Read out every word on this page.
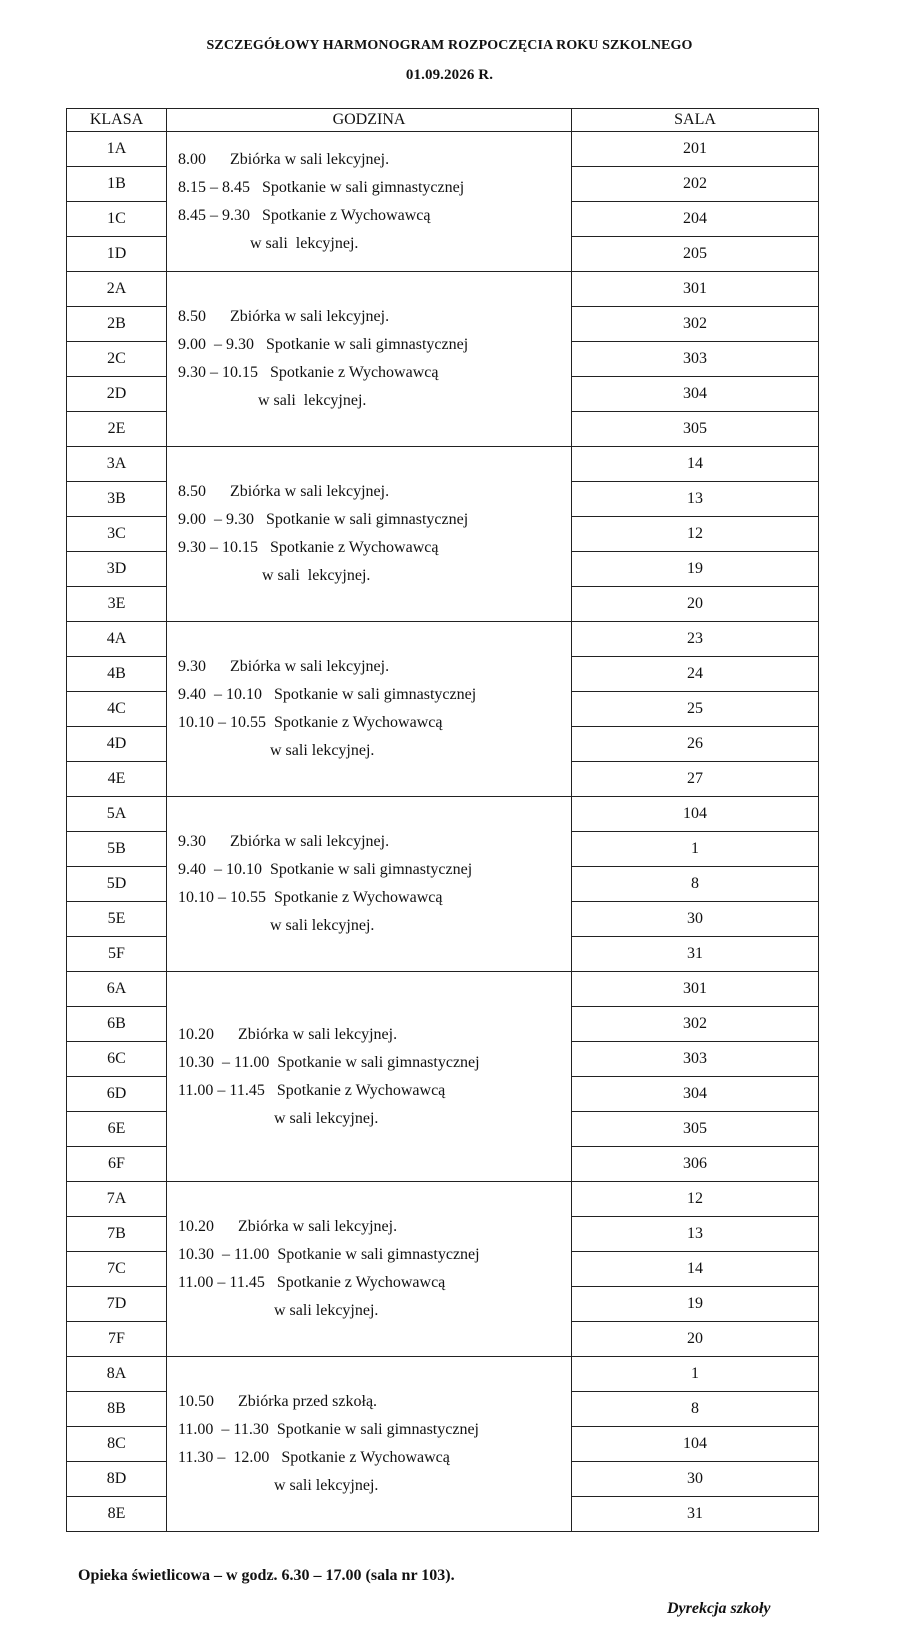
SZCZEGÓŁOWY HARMONOGRAM ROZPOCZĘCIA ROKU SZKOLNEGO
01.09.2026 R.
KLASA	GODZINA	SALA
1A	8.00      Zbiórka w sali lekcyjnej.
8.15 – 8.45   Spotkanie w sali gimnastycznej
8.45 – 9.30   Spotkanie z Wychowawcą
w sali  lekcyjnej.	201
1B		202
1C		204
1D		205
2A	8.50      Zbiórka w sali lekcyjnej.
9.00  – 9.30   Spotkanie w sali gimnastycznej
9.30 – 10.15   Spotkanie z Wychowawcą
w sali  lekcyjnej.	301
2B		302
2C		303
2D		304
2E		305
3A	8.50      Zbiórka w sali lekcyjnej.
9.00  – 9.30   Spotkanie w sali gimnastycznej
9.30 – 10.15   Spotkanie z Wychowawcą
w sali  lekcyjnej.	14
3B		13
3C		12
3D		19
3E		20
4A	9.30      Zbiórka w sali lekcyjnej.
9.40  – 10.10   Spotkanie w sali gimnastycznej
10.10 – 10.55  Spotkanie z Wychowawcą
w sali lekcyjnej.	23
4B		24
4C		25
4D		26
4E		27
5A	9.30      Zbiórka w sali lekcyjnej.
9.40  – 10.10  Spotkanie w sali gimnastycznej
10.10 – 10.55  Spotkanie z Wychowawcą
w sali lekcyjnej.	104
5B		1
5D		8
5E		30
5F		31
6A	10.20      Zbiórka w sali lekcyjnej.
10.30  – 11.00  Spotkanie w sali gimnastycznej
11.00 – 11.45   Spotkanie z Wychowawcą
w sali lekcyjnej.	301
6B		302
6C		303
6D		304
6E		305
6F		306
7A	10.20      Zbiórka w sali lekcyjnej.
10.30  – 11.00  Spotkanie w sali gimnastycznej
11.00 – 11.45   Spotkanie z Wychowawcą
w sali lekcyjnej.	12
7B		13
7C		14
7D		19
7F		20
8A	10.50      Zbiórka przed szkołą.
11.00  – 11.30  Spotkanie w sali gimnastycznej
11.30 –  12.00   Spotkanie z Wychowawcą
w sali lekcyjnej.	1
8B		8
8C		104
8D		30
8E		31
Opieka świetlicowa – w godz. 6.30 – 17.00 (sala nr 103).
Dyrekcja szkoły
